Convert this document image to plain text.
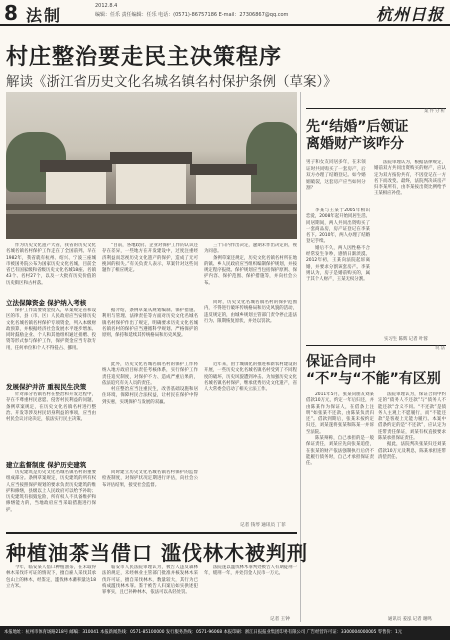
8 法制	2012.8.4
编辑：任乐 责任编辑：任乐 电话：(0571)-86757186 E-mail：27306867@qq.com	杭州日报
村庄整治要走民主决策程序
解读《浙江省历史文化名城名镇名村保护条例（草案）》

作为历史文化遗产大省，我省的历史文化名城名镇名村保护工作走在了全国前列。早在1982年，我省就有杭州、绍兴、宁波三座城市被国务院公布为国家历史文化名城，目前全省已有国家级和省级历史文化名城18座、名镇43个、名村27个，以及一大批有历史价值的历史街区和古村落。

“目前，各地政府、企业对保护工作的认识还存在差异，一些地方在开发建设中，过度注重经济利益而忽视历史文化遗产的保护，造成了无可挽回的损失。”有关负责人表示，草案针对这些问题作了相应规定。

三十日内作出决定，逾期未作出决定的，视为同意。

条例草案还规定，历史文化名镇名村所在地的镇、乡人民政府应当组织编制保护规划，并按规定程序报批。保护规划应当包括保护原则、保护内容、保护范围、保护措施等，并向社会公布。

立法保障资金 保护纳入考核

保护工作需要资金投入，草案规定省和设区的市、县（市、区）人民政府应当安排历史文化名城名镇名村保护专项资金，列入本级财政预算，并根据经济社会发展水平逐步增加。同时鼓励企业、个人和其他组织通过捐赠、投资等形式参与保护工作，保护资金应当专款专用，任何单位和个人不得侵占、挪用。

据介绍，条例草案从规划编制、保护措施、利用与管理、法律责任等方面对历史文化名城名镇名村保护作出了规定，明确要求历史文化名城名镇名村的保护应当遵循科学规划、严格保护的原则，保持和延续其传统格局和历史风貌。

同时，历史文化名城名镇名村的保护范围内，不得进行破坏传统格局和历史风貌的活动，违反规定的，由城乡规划主管部门责令停止违法行为、限期恢复原状，并处以罚款。

发展保护并济 重视民生决策

针对部分名镇名村在整治和开发过程中，存在不尊重村民意愿、侵害村民利益的问题，条例草案规定，在历史文化名镇名村进行整治、开发等涉及村民切身利益的事项，应当由村民会议讨论决定，依法实行民主决策。

此外，历史文化名城名镇名村的保护工作将纳入地方政府目标责任考核体系，实行保护工作责任追究制度，对保护不力、造成严重后果的，依法追究有关人员的责任。

村庄整治应当注重民生，改善基础设施和居住环境，保障村民合法权益，让村民在保护中得到实惠，实现保护与发展的双赢。

近年来，由于城镇化的推进和新农村建设的开展，一些历史文化名城名镇名村受到了不同程度的破坏，历史风貌遭到冲击。为加强历史文化名城名镇名村保护，继承优秀历史文化遗产，省人大常委会启动了相关立法工作。

建立监督制度 保护历史建筑

历史建筑是历史文化名城名镇名村的重要组成部分。条例草案规定，历史建筑的所有权人应当按照保护规划的要求负责历史建筑的维护和修缮，县级以上人民政府可以给予补助；历史建筑有损毁危险，所有权人不具备维护和修缮能力的，当地政府应当采取措施进行保护。

同时建立历史文化名城名镇名村保护的监督检查制度，对保护状况定期进行评估，向社会公布评估结果，接受社会监督。

记者 钱琴 通讯员 丁菲
种植油茶当借口 滥伐林木被判刑

今年，临安某人借口种植油茶，在未取得林木采伐许可证的情况下，擅自雇人采伐其承包山上的林木，经鉴定，滥伐林木蓄积量达18立方米。

临安市人民法院审理认为，被告人违反森林法的规定，未经林业主管部门批准并核发林木采伐许可证，擅自采伐林木，数量较大，其行为已构成滥伐林木罪。鉴于被告人归案后如实供述犯罪事实，且已补种林木，依法可以从轻处罚。

法院遂以滥伐林木罪判处被告人有期徒刑一年，缓刑一年，并处罚金人民币一万元。

记者 王钟
案件分析
先“结婚”后领证
离婚财产该咋分
男子和女友同居多年，在未领证时共同购买了一套房产，后双方办理了结婚登记。如今婚姻破裂，这套房产应当如何分割？

法院审理认为，根据法律规定，婚前双方共同出资购买的财产，应认定为双方按份共有，不因登记在一方名下而改变。最终，法院判决该房产归李某所有，由李某按出资比例给予王某相应补偿。

李某与王某于2005年相识恋爱，2008年起开始同居生活。同居期间，两人共同出资购买了一套商品房，房产证登记在李某名下。2010年，两人办理了结婚登记手续。

婚后不久，两人因性格不合经常发生争吵，感情日渐淡漠。2012年初，王某向法院起诉离婚，并要求分割该套房产。李某则认为，房子是婚前购买的，属于其个人财产，王某无权分割。

实习生 陈辉 记者 叶蓉
说法
保证合同中
“不”与“不能”有区别

2011年5月，张某向朋友刘某借款10万元，约定一年后归还，并由陈某作为保证人，在借条上注明“如张某不还款，由陈某负责归还”。借款到期后，张某未按约定归还，刘某遂将张某和陈某一并诉至法院。

陈某辩称，自己承担的是一般保证责任，刘某应先向张某追偿，在张某的财产依法强制执行后仍不能履行债务时，自己才承担保证责任。

法院审理认为，保证合同中约定的“债务人不还款”与“债务人不能还款”含义不同。“不还款”是债务人主观上不愿履行，而“不能还款”是客观上无能力履行。本案中借条约定的是“不还款”，应认定为连带责任保证，刘某有权直接要求陈某承担保证责任。

据此，法院判决张某归还刘某借款10万元及利息，陈某承担连带清偿责任。

通讯员 姜泓 记者 谢鸣
本报地址：杭州市体育场路218号 邮编：310041 本报新闻热线：0571-85100000 发行服务热线：0571-96068 本报印刷：浙江日报报业集团印务有限公司 广告经营许可证：3300004000005 零售价：1元
